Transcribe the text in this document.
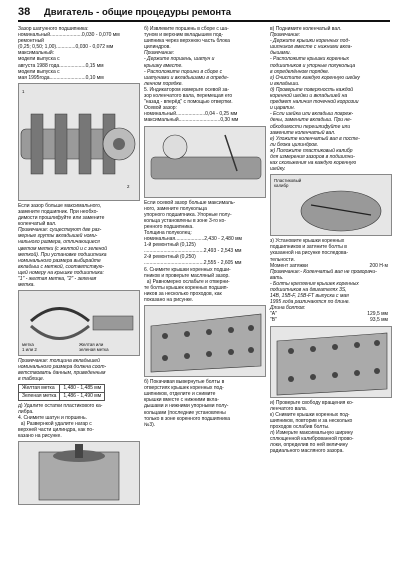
38	Двигатель - общие процедуры ремонта

Зазор шатунного подшипника:
номинальный.......................0,030 - 0,070 мм
ремонтный
(0,25; 0,50; 1,00)..............0,030 - 0,072 мм
максимальный:
модели выпуска с
августа 1988 года...................0,15 мм
модели выпуска с
мая 1995года..........................0,10 мм

1
2

Если зазор больше максимального,
замените подшипник. При необхо-
димости прошлифуйте или замените
коленчатый вал.

Примечание: существуют две раз-
мерные группы вкладышей номи-
нального размера, отличающиеся
цветом метки (с желтой и с зеленой
меткой). При установке подшипника
номинального размера выбирайте
вкладыш с меткой, соответствую-
щей номеру на крышке подшипника:
"1" - желтая метка, "2" - зеленая
метка.

метка
1 или 2
Желтая или
зеленая метка

Примечание: толщина вкладышей
номинального размера должна соот-
ветствовать данным, приведенным
в таблице.

Желтая метка	1,480 - 1,485 мм
Зеленая метка	1,486 - 1,490 мм

д) Удалите остатки пластикового ка-
либра.
4. Снимите шатун и поршень.
а) Развернкой удалите нагар с
верхней части цилиндра, как по-
казано на рисунке.

б) Извлеките поршень в сборе с ша-
туном и верхним вкладышем под-
шипника через верхнюю часть блока
цилиндров.

Примечание:
- Держите поршень, шатун и
крышку вместе.
- Расположите поршни в сборе с
шатунами и вкладышами в опреде-
ленном порядке.

5. Индикатором измерьте осевой за-
зор коленчатого вала, перемещая его
"назад - вперёд" с помощью отвертки.
Осевой зазор:
номинальный.....................0,04 - 0,25 мм
максимальный..............................0,30 мм

Если осевой зазор больше максималь-
ного, замените полукольца
упорного подшипника. Упорные полу-
кольца установлены в зоне 3-го ко-
ренного подшипника.
Толщина полуколец:
номинальная.....................2,430 - 2,480 мм
1-й ремонтный (0,125)
...........................................2,493 - 2,543 мм
2-й ремонтный (0,250)
...........................................2,555 - 2,605 мм
6. Снимите крышки коренных подши-
пников и проверьте масляный зазор.
а) Равномерно ослабьте и отверни-
те болты крышек коренных подшип-
ников за несколько проходов, как
показано на рисунке.

б) Покачивая вывернутые болты в
отверстиях крышек коренных под-
шипников, отделите и снимите
крышки вместе с нижними вкла-
дышами и нижними упорными полу-
кольцами (последние установлены
только в зоне коренного подшипника
№3).

в) Поднимите коленчатый вал.

Примечание:
- Держите крышки коренных под-
шипников вместе с нижними вкла-
дышами.
- Расположите крышки коренных
подшипников и упорные полукольца
в определённом порядке.
г) Очистите каждую коренную шейку
и вкладыши.
д) Проверьте поверхность каждой
коренной шейки и вкладышей на
предмет наличия точечной коррозии
и царапин.
- Если шейка или вкладыш повреж-
дены, замените вкладыш. При не-
обходимости перешлифуйте или
замените коленчатый вал.
е) Уложите коленчатый вал в посте-
ли блока цилиндров.
ж) Положите пластиковый калибр
для измерения зазоров в подшипни-
ках скольжения на каждую коренную
шейку.

Пластиковый
калибр

з) Установите крышки коренных
подшипников и затяните болты в
указанной на рисунке последова-
тельности.

Момент затяжки	200 Н·м

Примечание:- Коленчатый вал не проворачи-
вать.
- Болты крепления крышек коренных
подшипников на двигателях 3S,
14B, 15B-F, 15B-FT выпуска с мая
1995 года различаются по длине.
Длина болтов:

"А"	129,5 мм
"B"	93,5 мм

и) Проверьте свободу вращения ко-
ленчатого вала.
к) Снимите крышки коренных под-
шипников, повторив и за несколько
проходов ослабив болты.
л) Измерьте максимальную ширину
сплющенной калиброванной прово-
локи, определив по ней величину
радиального масляного зазора.
